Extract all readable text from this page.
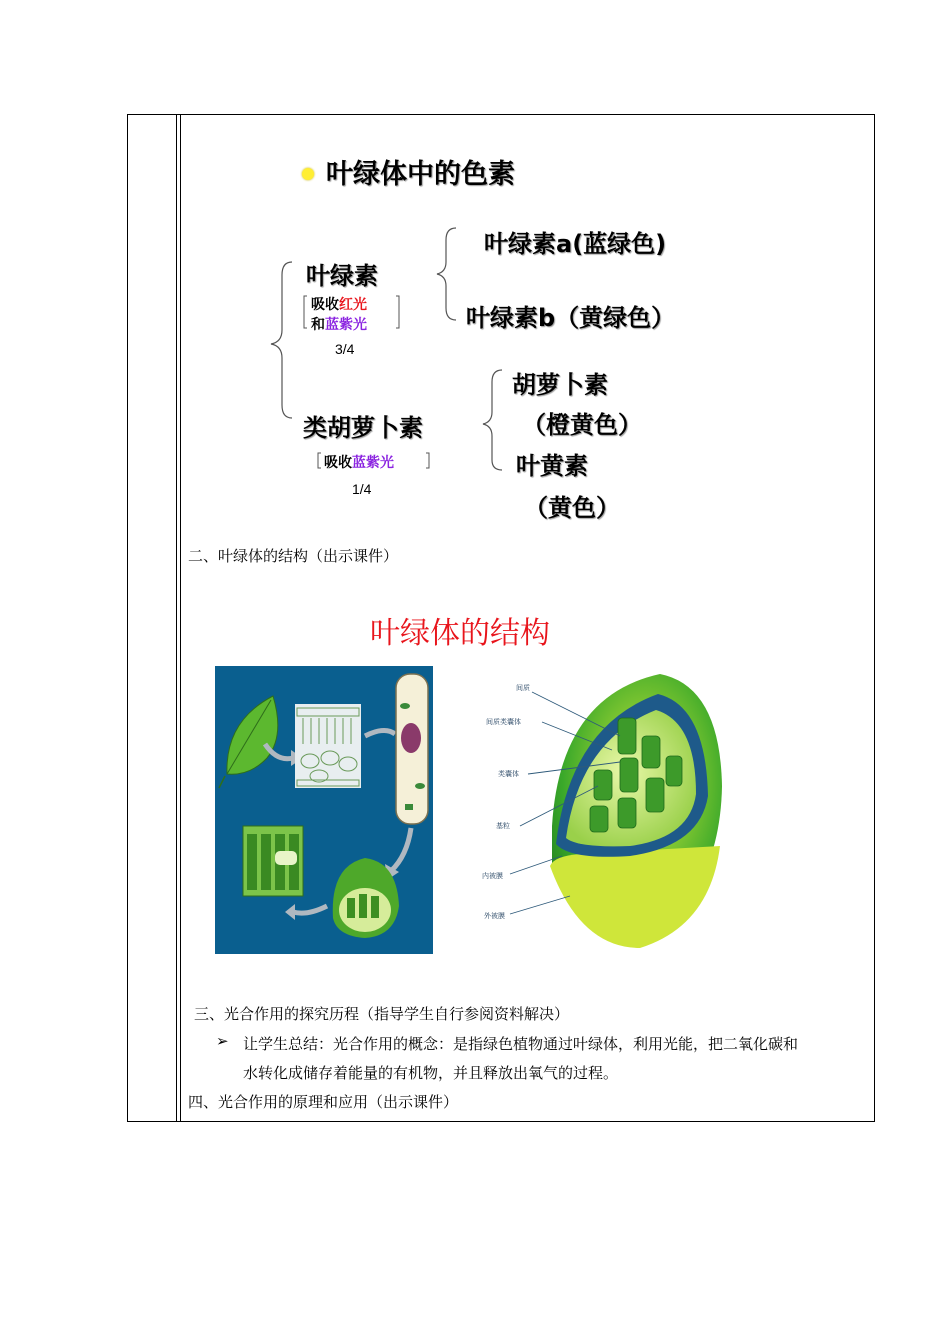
叶绿体中的色素
叶绿素
吸收红光
和蓝紫光
3/4
叶绿素a(蓝绿色)
叶绿素b（黄绿色）
类胡萝卜素
吸收蓝紫光
1/4
胡萝卜素
（橙黄色）
叶黄素
（黄色）
二、叶绿体的结构（出示课件）
叶绿体的结构
间质
间质类囊体
类囊体
基粒
内被膜
外被膜
三、光合作用的探究历程（指导学生自行参阅资料解决）
➢ 让学生总结：光合作用的概念：是指绿色植物通过叶绿体，利用光能，把二氧化碳和
水转化成储存着能量的有机物，并且释放出氧气的过程。
四、光合作用的原理和应用（出示课件）
